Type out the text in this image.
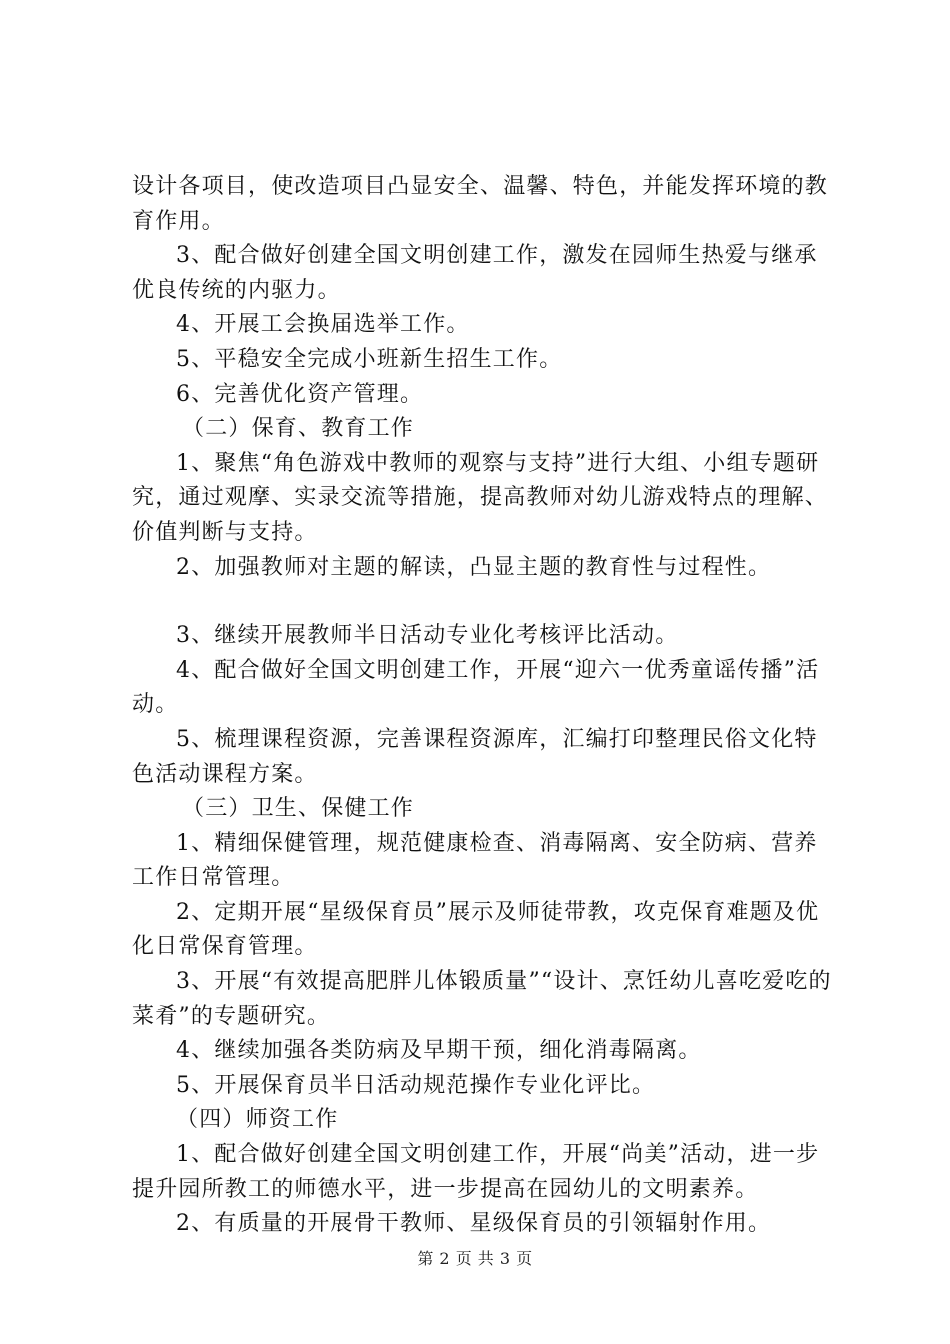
设计各项目，使改造项目凸显安全、温馨、特色，并能发挥环境的教育作用。

3、配合做好创建全国文明创建工作，激发在园师生热爱与继承优良传统的内驱力。

4、开展工会换届选举工作。

5、平稳安全完成小班新生招生工作。

6、完善优化资产管理。

（二）保育、教育工作

1、聚焦“角色游戏中教师的观察与支持”进行大组、小组专题研究，通过观摩、实录交流等措施，提高教师对幼儿游戏特点的理解、价值判断与支持。

2、加强教师对主题的解读，凸显主题的教育性与过程性。

3、继续开展教师半日活动专业化考核评比活动。

4、配合做好全国文明创建工作，开展“迎六一优秀童谣传播”活动。

5、梳理课程资源，完善课程资源库，汇编打印整理民俗文化特色活动课程方案。

（三）卫生、保健工作

1、精细保健管理，规范健康检查、消毒隔离、安全防病、营养工作日常管理。

2、定期开展“星级保育员”展示及师徒带教，攻克保育难题及优化日常保育管理。

3、开展“有效提高肥胖儿体锻质量”“设计、烹饪幼儿喜吃爱吃的菜肴”的专题研究。

4、继续加强各类防病及早期干预，细化消毒隔离。

5、开展保育员半日活动规范操作专业化评比。

（四）师资工作

1、配合做好创建全国文明创建工作，开展“尚美”活动，进一步提升园所教工的师德水平，进一步提高在园幼儿的文明素养。

2、有质量的开展骨干教师、星级保育员的引领辐射作用。

第 2 页 共 3 页
